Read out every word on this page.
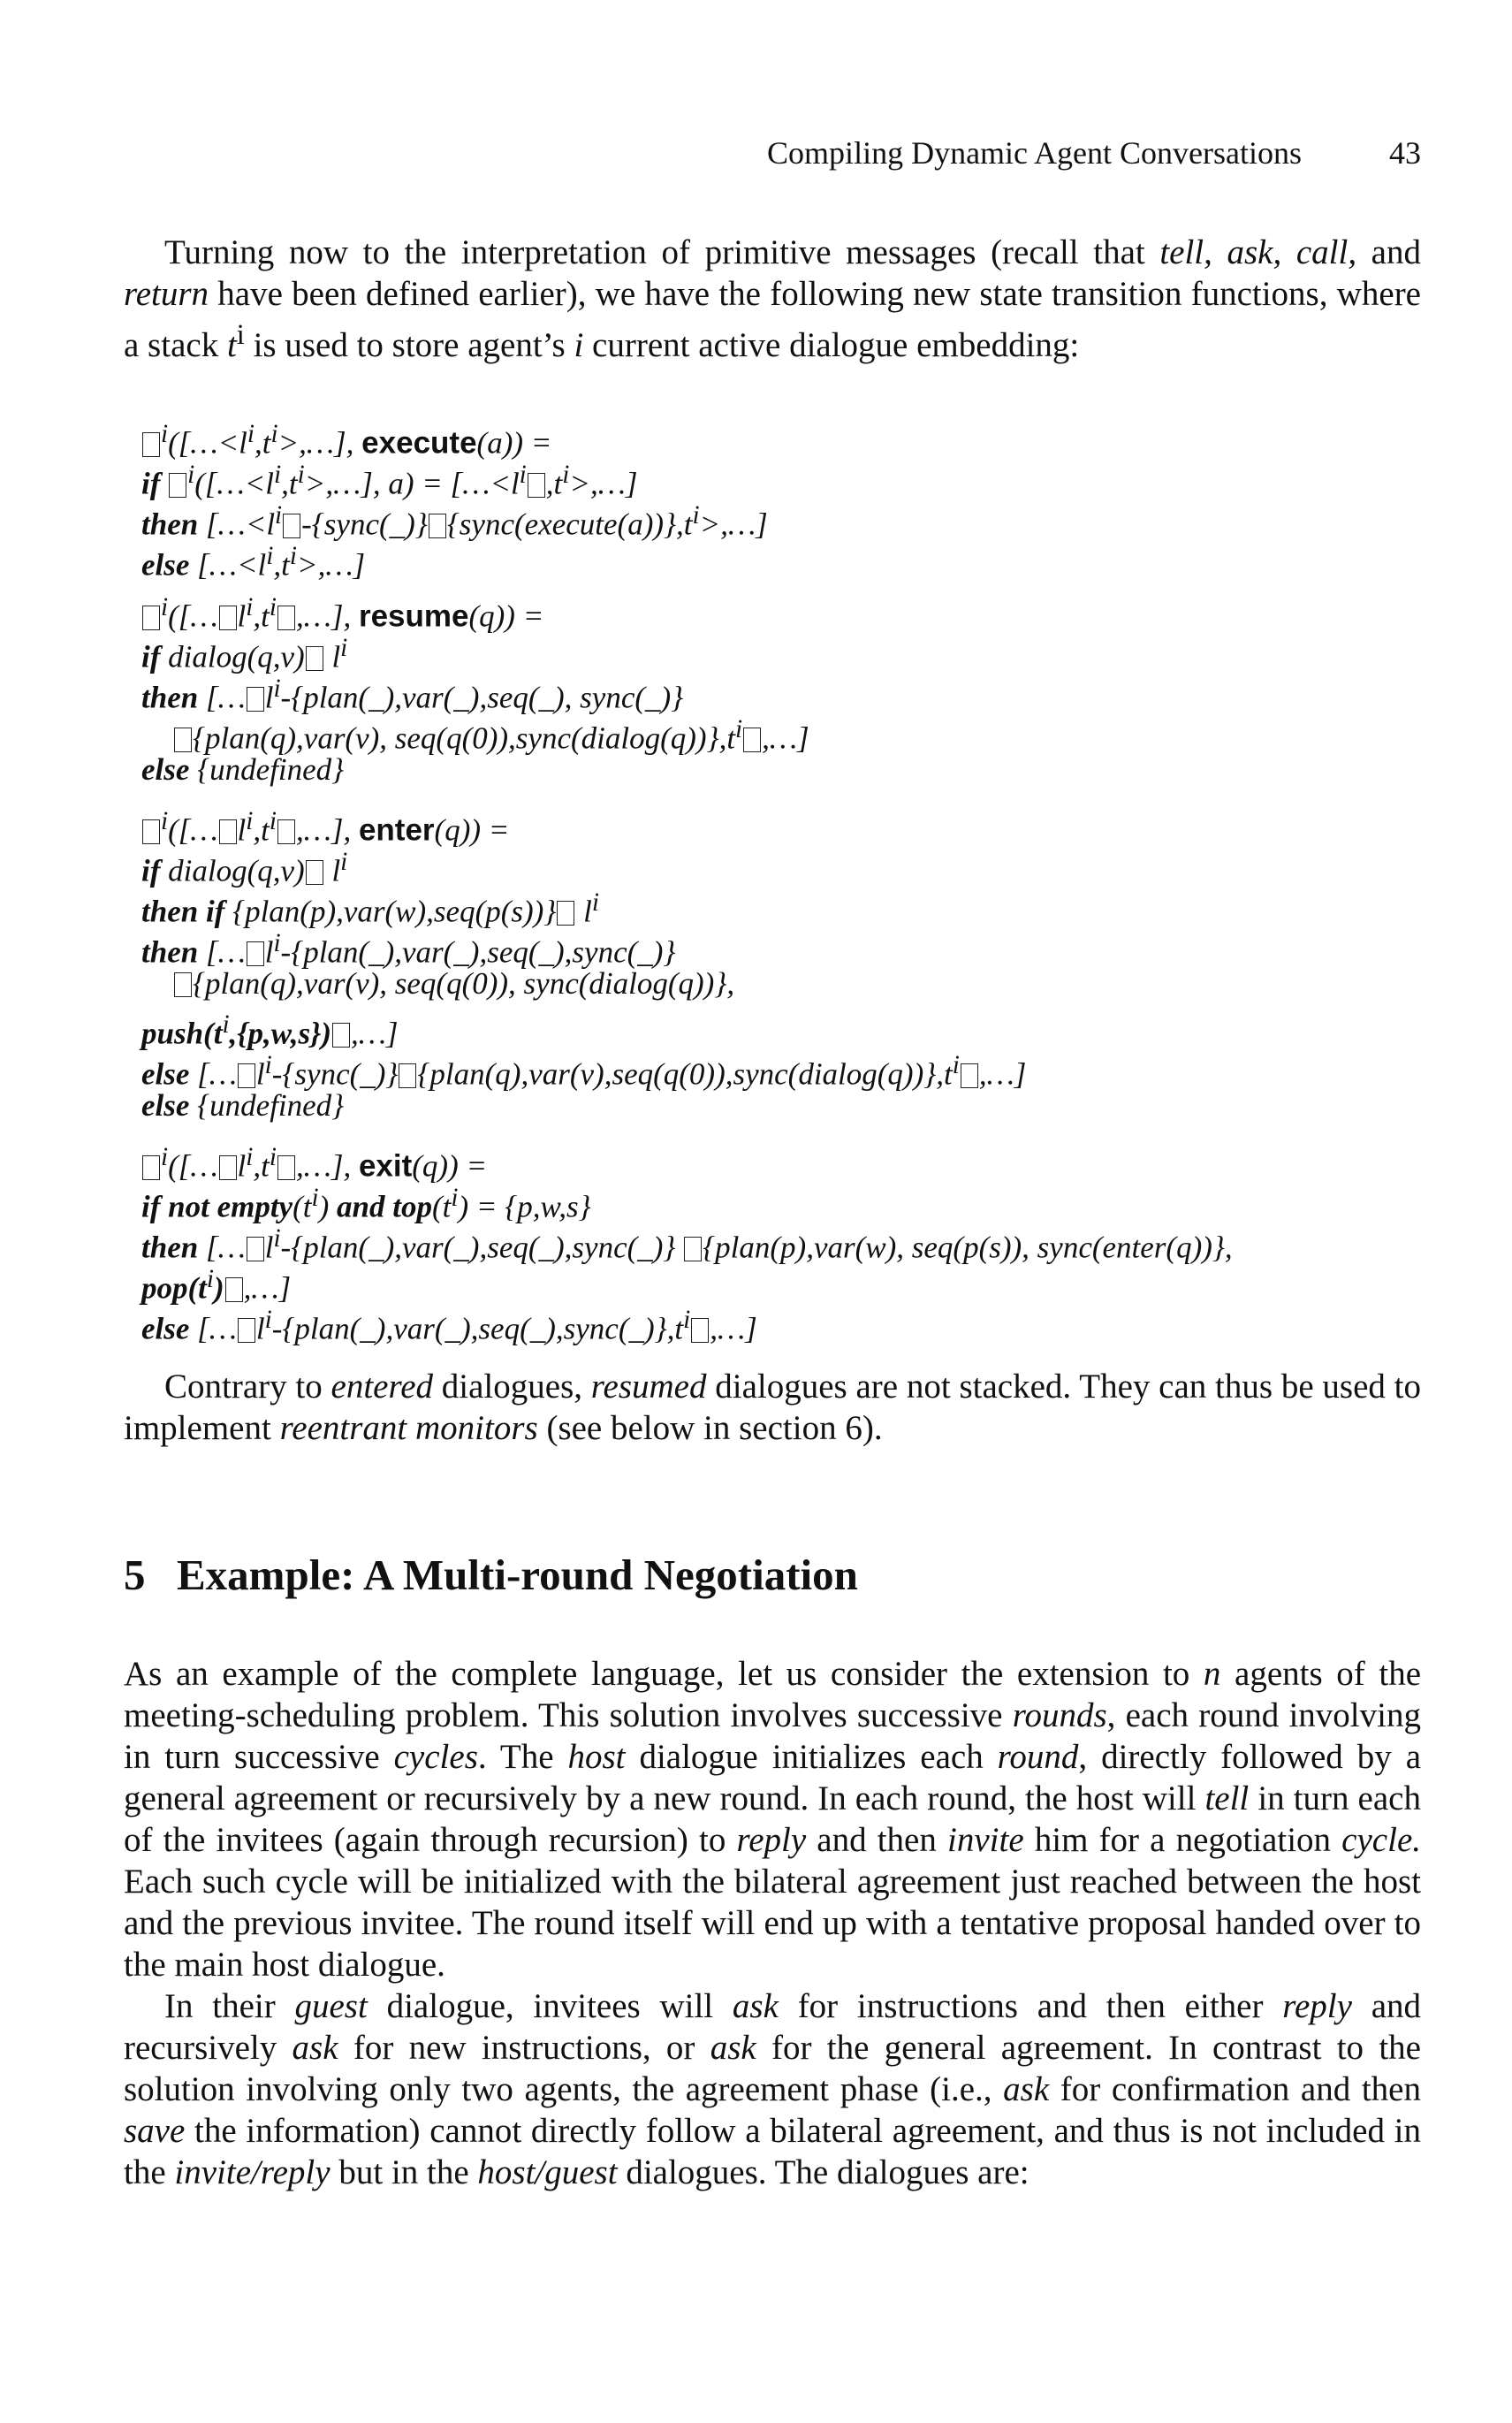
Compiling Dynamic Agent Conversations	43

Turning now to the interpretation of primitive messages (recall that tell, ask, call, and return have been defined earlier), we have the following new state transition functions, where a stack $t^i$ is used to store agent’s i current active dialogue embedding:

$^i([\dots<l^i,t^i>,\dots]$, execute(a)) =
if $^i([\dots<l^i,t^i>,\dots]$, $a) = [\dots<l^i$ $,t^i>,\dots$]
then [$\dots<l^i$ -{sync(_)} $\{sync(execute(a))\},t^i>,\dots$]
else $[\dots<l^i,t^i>,\dots]$
$^i$([… $l^i,t^i$ ,…], resume(q)) =
if dialog(q,v) $l^i$
then [… $l^i-\{plan(\_),var(\_),seq(\_)$, sync(_)}
{plan(q),var(v), $seq(q(0)),sync(dialog(q))\},t^i$ ,…]
else {undefined}
$^i$([… $l^i,t^i$ ,…], enter(q)) =
if dialog(q,v) $l^i$
then if {plan(p),var(w),seq(p(s))} $l^i$
then [… $l^i-\{plan(\_),var(\_),seq(\_),sync(\_)\}$
{plan(q),var(v), seq(q(0)), sync(dialog(q))},
$push(t^i,\{p,w,s\})$ ,…]
else [… $l^i-\{sync(\_)\}$ $\{plan(q),var(v),seq(q(0)),sync(dialog(q))\},t^i$ ,…]
else {undefined}
$^i$([… $l^i,t^i$ ,…], exit(q)) =
if not $empty(t^i)$ and $top(t^i) = \{p,w,s\}$
then [… $l^i-\{plan(\_),var(\_),seq(\_),sync(\_)\}$ {plan(p),var(w), seq(p(s)), sync(enter(q))},
$pop(t^i)$ ,…]
else [… $l^i-\{plan(\_),var(\_),seq(\_),sync(\_)\},t^i$ ,…]

Contrary to entered dialogues, resumed dialogues are not stacked. They can thus be used to implement reentrant monitors (see below in section 6).

5 Example: A Multi-round Negotiation

As an example of the complete language, let us consider the extension to n agents of the meeting-scheduling problem. This solution involves successive rounds, each round involving in turn successive cycles. The host dialogue initializes each round, directly followed by a general agreement or recursively by a new round. In each round, the host will tell in turn each of the invitees (again through recursion) to reply and then invite him for a negotiation cycle. Each such cycle will be initialized with the bilateral agreement just reached between the host and the previous invitee. The round itself will end up with a tentative proposal handed over to the main host dialogue.

In their guest dialogue, invitees will ask for instructions and then either reply and recursively ask for new instructions, or ask for the general agreement. In contrast to the solution involving only two agents, the agreement phase (i.e., ask for confirmation and then save the information) cannot directly follow a bilateral agreement, and thus is not included in the invite/reply but in the host/guest dialogues. The dialogues are:
